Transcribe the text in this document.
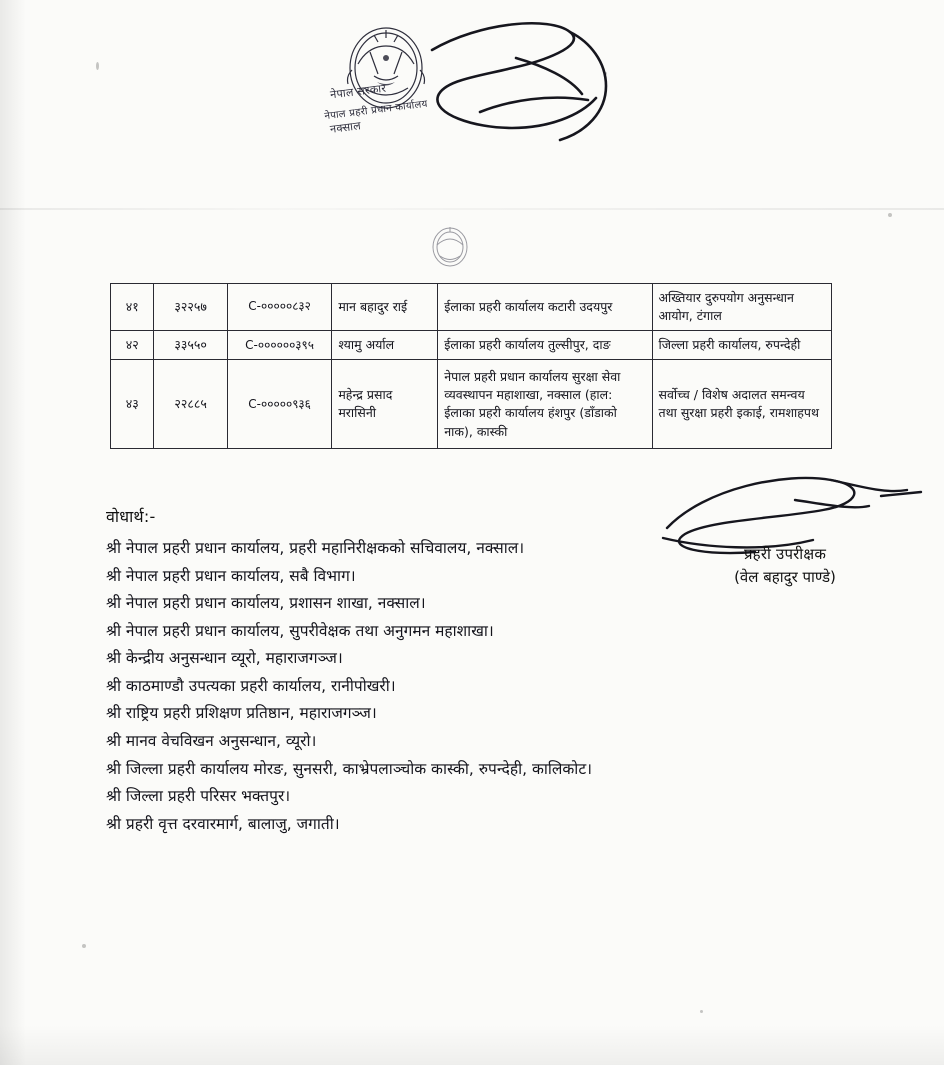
नेपाल सरकार
नेपाल प्रहरी प्रधान कार्यालय
नक्साल
४१	३२२५७	C-०००००८३२	मान बहादुर राई	ईलाका प्रहरी कार्यालय कटारी उदयपुर	अख्तियार दुरुपयोग अनुसन्धान आयोग, टंगाल
४२	३३५५०	C-००००००३९५	श्यामु अर्याल	ईलाका प्रहरी कार्यालय तुल्सीपुर, दाङ	जिल्ला प्रहरी कार्यालय, रुपन्देही
४३	२२८८५	C-०००००९३६	महेन्द्र प्रसाद मरासिनी	नेपाल प्रहरी प्रधान कार्यालय सुरक्षा सेवा व्यवस्थापन महाशाखा, नक्साल (हाल: ईलाका प्रहरी कार्यालय हंशपुर (डाँडाको नाक), कास्की	सर्वोच्च / विशेष अदालत समन्वय तथा सुरक्षा प्रहरी इकाई, रामशाहपथ
प्रहरी उपरीक्षक
(वेल बहादुर पाण्डे)
वोधार्थ:-
श्री नेपाल प्रहरी प्रधान कार्यालय, प्रहरी महानिरीक्षकको सचिवालय, नक्साल।
श्री नेपाल प्रहरी प्रधान कार्यालय, सबै विभाग।
श्री नेपाल प्रहरी प्रधान कार्यालय, प्रशासन शाखा, नक्साल।
श्री नेपाल प्रहरी प्रधान कार्यालय, सुपरीवेक्षक तथा अनुगमन महाशाखा।
श्री केन्द्रीय अनुसन्धान व्यूरो, महाराजगञ्ज।
श्री काठमाण्डौ उपत्यका प्रहरी कार्यालय, रानीपोखरी।
श्री राष्ट्रिय प्रहरी प्रशिक्षण प्रतिष्ठान, महाराजगञ्ज।
श्री मानव वेचविखन अनुसन्धान, व्यूरो।
श्री जिल्ला प्रहरी कार्यालय मोरङ, सुनसरी, काभ्रेपलाञ्चोक कास्की, रुपन्देही, कालिकोट।
श्री जिल्ला प्रहरी परिसर भक्तपुर।
श्री प्रहरी वृत्त दरवारमार्ग, बालाजु, जगाती।
